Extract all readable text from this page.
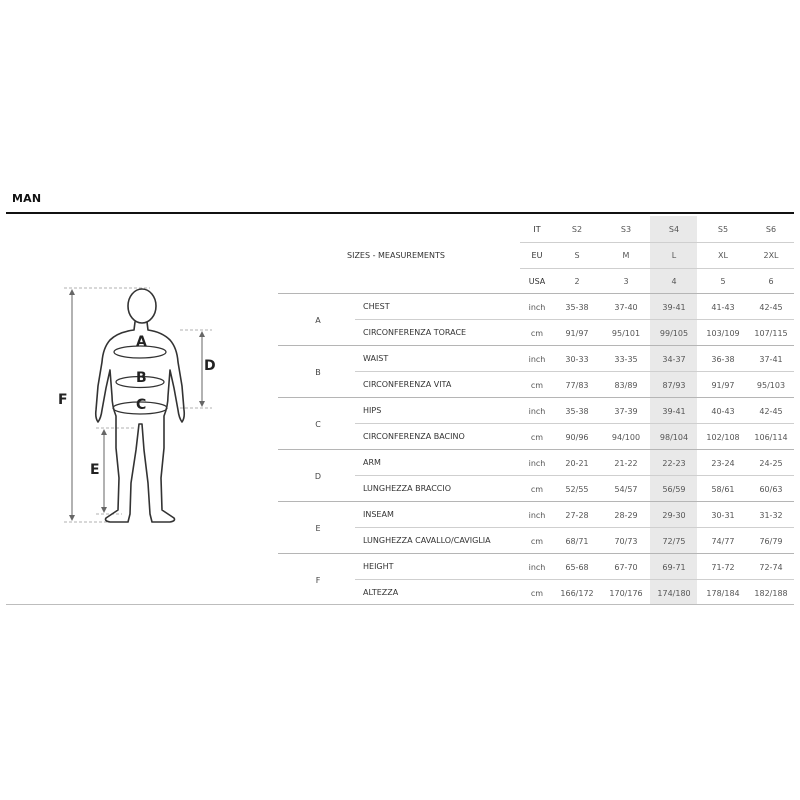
MAN
A
B
C
D
E
F
SIZES - MEASUREMENTS
IT	S2	S3	S4	S5	S6
EU	S	M	L	XL	2XL
USA	2	3	4	5	6
A
CHEST	inch 35-38	37-40	39-41	41-43	42-45
CIRCONFERENZA TORACE	cm	91/97	95/101 99/105 103/109 107/115
B
WAIST	inch 30-33	33-35	34-37	36-38	37-41
CIRCONFERENZA VITA	cm	77/83	83/89	87/93	91/97	95/103
C
HIPS	inch 35-38	37-39	39-41	40-43	42-45
CIRCONFERENZA BACINO	cm	90/96	94/100 98/104 102/108 106/114
D
ARM	inch 20-21	21-22	22-23	23-24	24-25
LUNGHEZZA BRACCIO	cm	52/55	54/57	56/59	58/61	60/63
E
INSEAM	inch 27-28	28-29	29-30	30-31	31-32
LUNGHEZZA CAVALLO/CAVIGLIA	cm	68/71	70/73	72/75	74/77	76/79
F
HEIGHT	inch 65-68	67-70	69-71	71-72	72-74
ALTEZZA	cm 166/172 170/176 174/180 178/184 182/188
